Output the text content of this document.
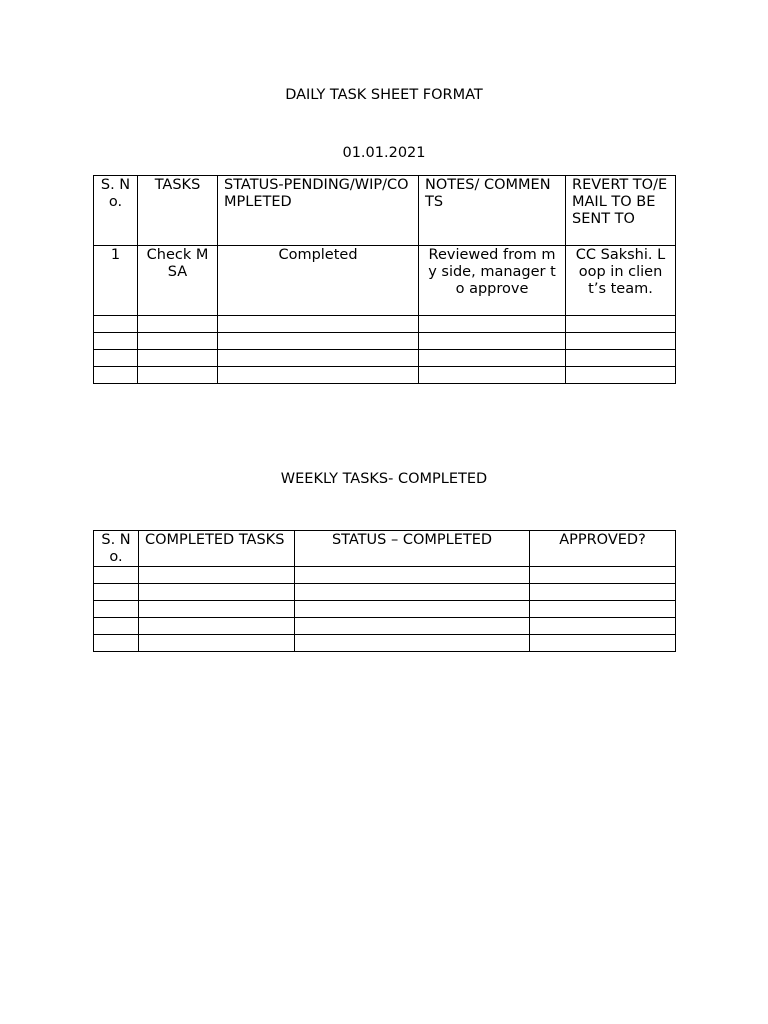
DAILY TASK SHEET FORMAT
01.01.2021
S. No.	TASKS	STATUS-PENDING/WIP/COMPLETED	NOTES/ COMMENTS	REVERT TO/EMAIL TO BE SENT TO
1	Check MSA	Completed	Reviewed from my side, manager to approve	CC Sakshi. Loop in client’s team.

WEEKLY TASKS- COMPLETED
S. No.	COMPLETED TASKS	STATUS – COMPLETED	APPROVED?
